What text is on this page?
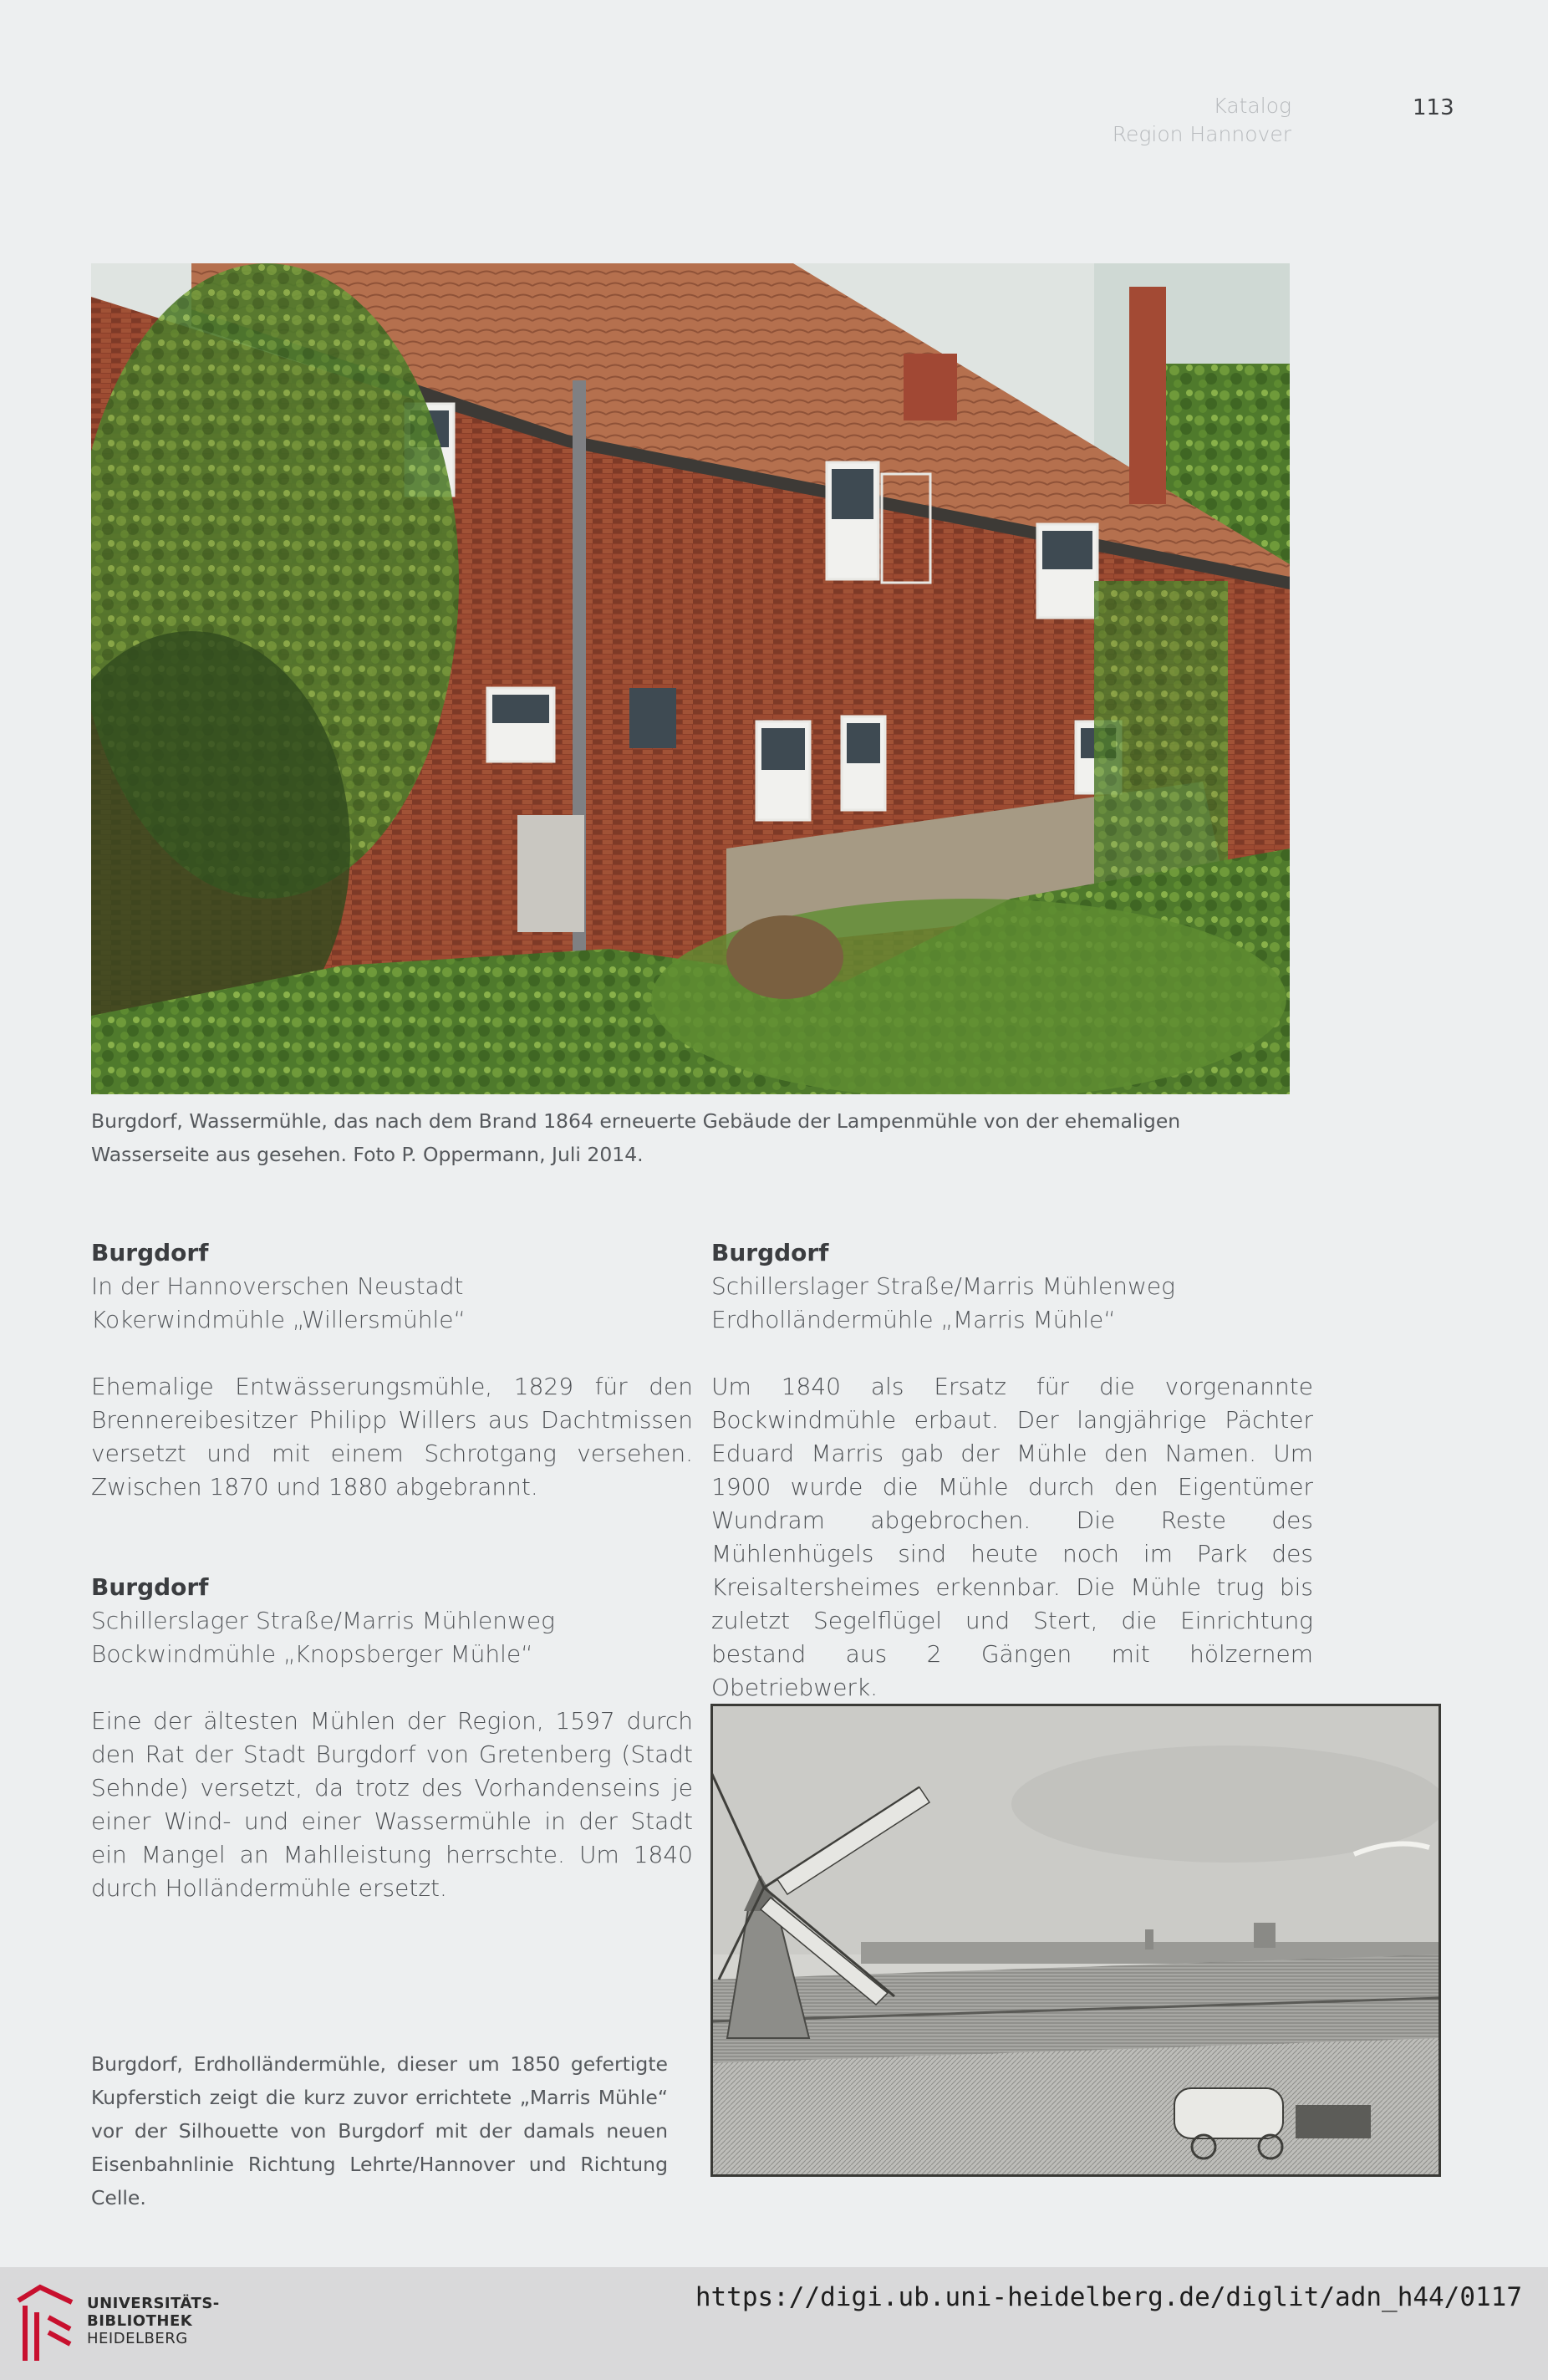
Katalog
Region Hannover
113
Burgdorf, Wassermühle, das nach dem Brand 1864 erneuerte Gebäude der Lampenmühle von der ehemaligen Wasserseite aus gesehen. Foto P. Oppermann, Juli 2014.
Burgdorf
In der Hannoverschen Neustadt
Kokerwindmühle „Willersmühle“

Ehemalige Entwässerungsmühle, 1829 für den Brennereibesitzer Philipp Willers aus Dachtmissen versetzt und mit einem Schrotgang versehen. Zwischen 1870 und 1880 abgebrannt.

Burgdorf
Schillerslager Straße/Marris Mühlenweg
Bockwindmühle „Knopsberger Mühle“

Eine der ältesten Mühlen der Region, 1597 durch den Rat der Stadt Burgdorf von Gretenberg (Stadt Sehnde) versetzt, da trotz des Vorhandenseins je einer Wind- und einer Wassermühle in der Stadt ein Mangel an Mahlleistung herrschte. Um 1840 durch Holländermühle ersetzt.

Burgdorf
Schillerslager Straße/Marris Mühlenweg
Erdholländermühle „Marris Mühle“

Um 1840 als Ersatz für die vorgenannte Bockwindmühle erbaut. Der langjährige Pächter Eduard Marris gab der Mühle den Namen. Um 1900 wurde die Mühle durch den Eigentümer Wundram abgebrochen. Die Reste des Mühlenhügels sind heute noch im Park des Kreisaltersheimes erkennbar. Die Mühle trug bis zuletzt Segelflügel und Stert, die Einrichtung bestand aus 2 Gängen mit hölzernem Obetriebwerk.

Burgdorf, Erdholländermühle, dieser um 1850 gefertigte Kupferstich zeigt die kurz zuvor errichtete „Marris Mühle“ vor der Silhouette von Burgdorf mit der damals neuen Eisenbahnlinie Richtung Lehrte/Hannover und Richtung Celle.
UNIVERSITÄTS-
BIBLIOTHEK
HEIDELBERG
https://digi.ub.uni-heidelberg.de/diglit/adn_h44/0117
